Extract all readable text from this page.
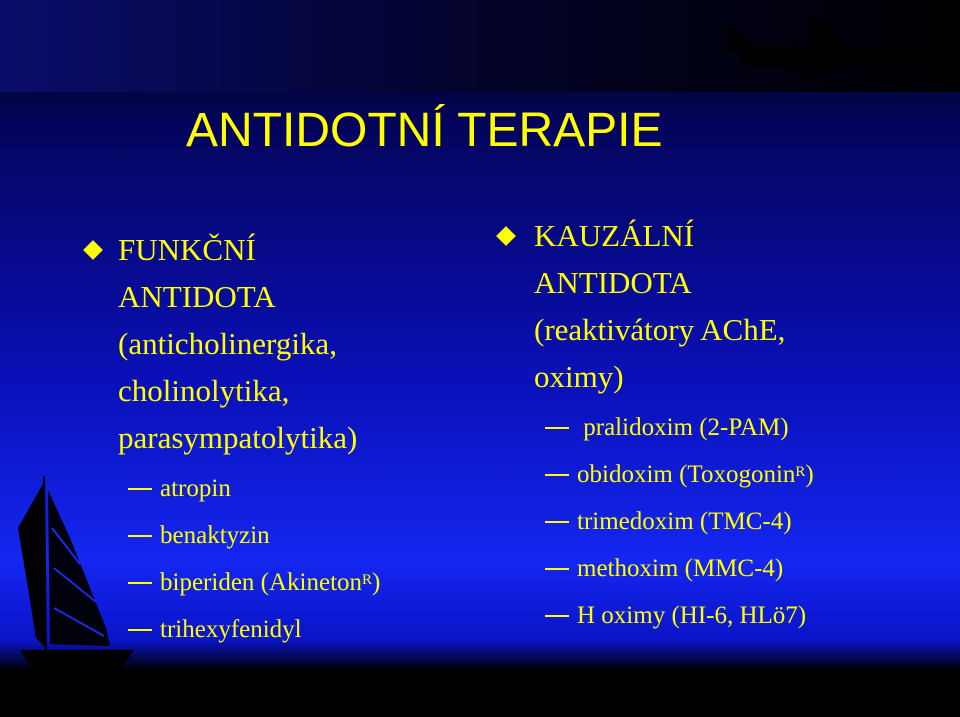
ANTIDOTNÍ TERAPIE
FUNKČNÍ
ANTIDOTA
(anticholinergika,
cholinolytika,
parasympatolytika)
atropin
benaktyzin
biperiden (Akineton$^R$)
trihexyfenidyl
KAUZÁLNÍ
ANTIDOTA
(reaktivátory AChE,
oximy)
pralidoxim (2-PAM)
obidoxim (Toxogonin$^R$)
trimedoxim (TMC-4)
methoxim (MMC-4)
H oximy (HI-6, HLö7)
